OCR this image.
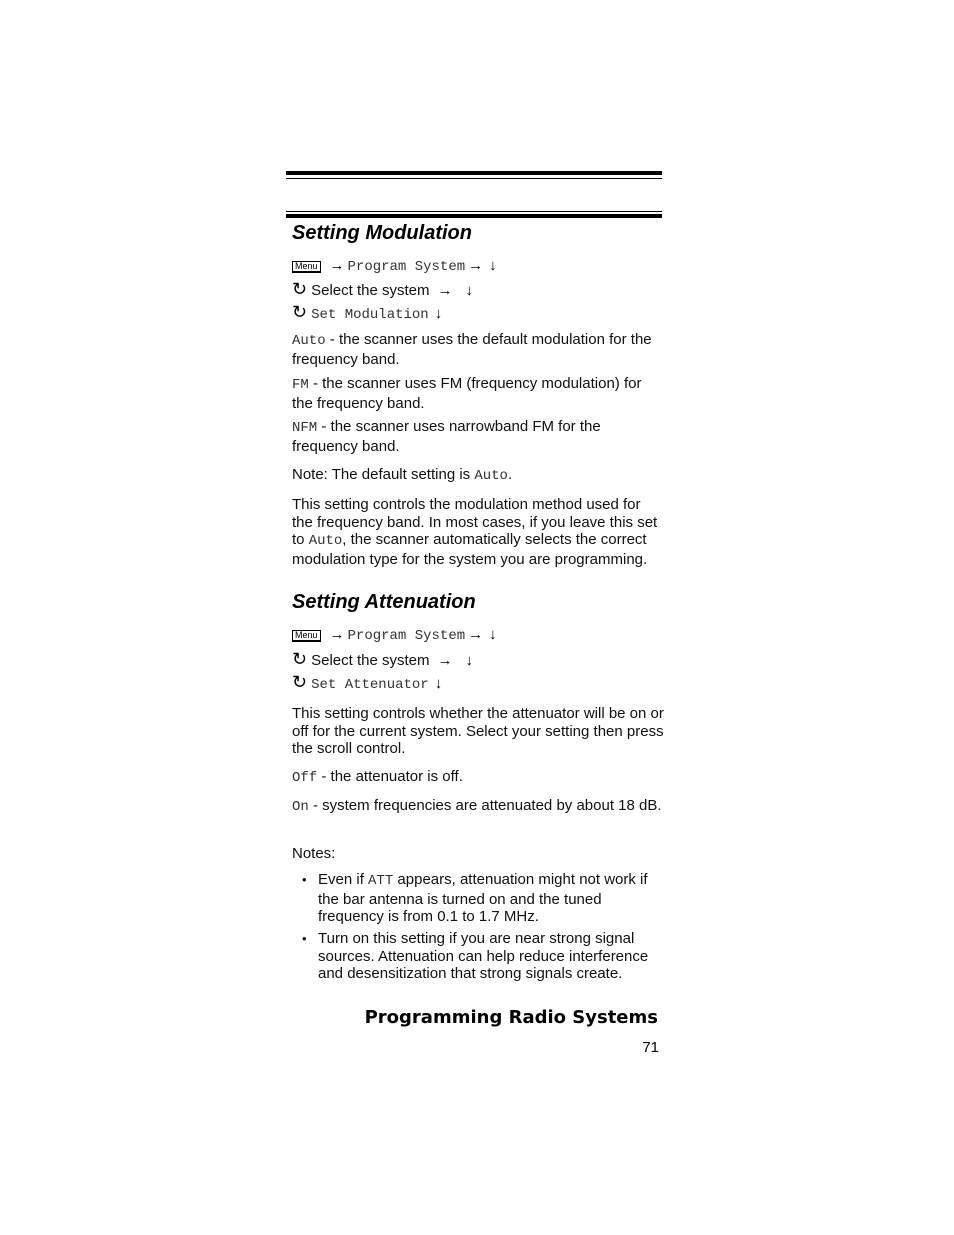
Setting Modulation
Menu → Program System → ↓
↻ Select the system → ↓
↻ Set Modulation ↓

Auto - the scanner uses the default modulation for the frequency band.

FM - the scanner uses FM (frequency modulation) for the frequency band.

NFM - the scanner uses narrowband FM for the frequency band.

Note: The default setting is Auto.

This setting controls the modulation method used for the frequency band. In most cases, if you leave this set to Auto, the scanner automatically selects the correct modulation type for the system you are programming.

Setting Attenuation
Menu → Program System → ↓
↻ Select the system → ↓
↻ Set Attenuator ↓

This setting controls whether the attenuator will be on or off for the current system. Select your setting then press the scroll control.

Off - the attenuator is off.

On - system frequencies are attenuated by about 18 dB.

Notes:

• Even if ATT appears, attenuation might not work if the bar antenna is turned on and the tuned frequency is from 0.1 to 1.7 MHz.

• Turn on this setting if you are near strong signal sources. Attenuation can help reduce interference and desensitization that strong signals create.

Programming Radio Systems
71
